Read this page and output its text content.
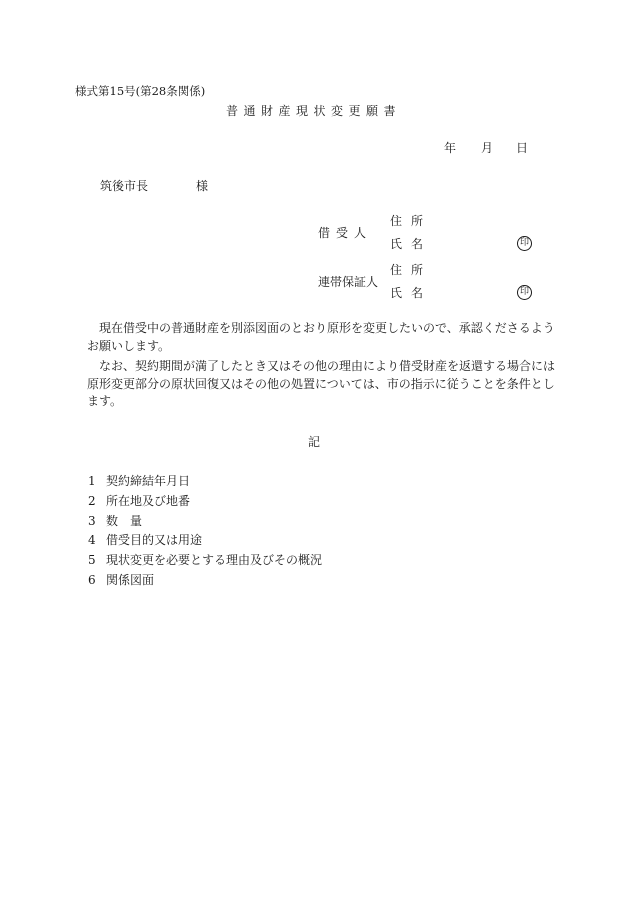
様式第15号(第28条関係)
普通財産現状変更願書
年 月 日
筑後市長	様
借受人
住所
氏名	印
連帯保証人
住所
氏名	印

現在借受中の普通財産を別添図面のとおり原形を変更したいので、承認くださるようお願いします。

なお、契約期間が満了したとき又はその他の理由により借受財産を返還する場合には原形変更部分の原状回復又はその他の処置については、市の指示に従うことを条件とします。

記
1 契約締結年月日
2 所在地及び地番
3 数　量
4 借受目的又は用途
5 現状変更を必要とする理由及びその概況
6 関係図面
